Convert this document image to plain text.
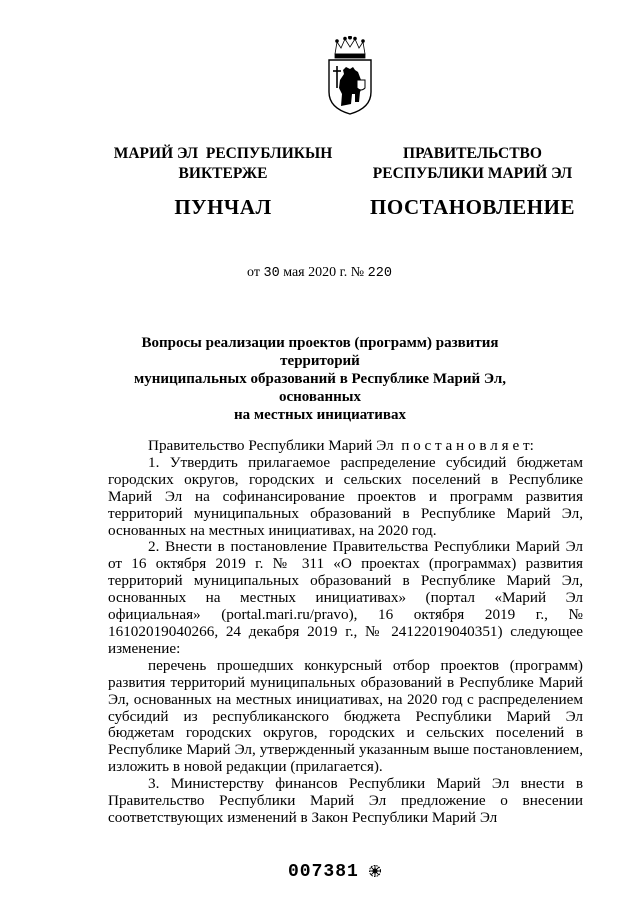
МАРИЙ ЭЛ  РЕСПУБЛИКЫН
ВИКТЕРЖЕ
ПУНЧАЛ
ПРАВИТЕЛЬСТВО
РЕСПУБЛИКИ МАРИЙ ЭЛ
ПОСТАНОВЛЕНИЕ
от 30 мая 2020 г. № 220
Вопросы реализации проектов (программ) развития территорий
муниципальных образований в Республике Марий Эл, основанных
на местных инициативах

Правительство Республики Марий Эл  п о с т а н о в л я е т:

1. Утвердить прилагаемое распределение субсидий бюджетам городских округов, городских и сельских поселений в Республике Марий Эл на софинансирование проектов и программ развития территорий муниципальных образований в Республике Марий Эл, основанных на местных инициативах, на 2020 год.

2. Внести в постановление Правительства Республики Марий Эл от 16 октября 2019 г. № 311 «О проектах (программах) развития территорий муниципальных образований в Республике Марий Эл, основанных на местных инициативах» (портал «Марий Эл официальная» (portal.mari.ru/pravo), 16 октября 2019 г., № 16102019040266, 24 декабря 2019 г., № 24122019040351) следующее изменение:

перечень прошедших конкурсный отбор проектов (программ) развития территорий муниципальных образований в Республике Марий Эл, основанных на местных инициативах, на 2020 год с распределением субсидий из республиканского бюджета Республики Марий Эл бюджетам городских округов, городских и сельских поселений в Республике Марий Эл, утвержденный указанным выше постановлением, изложить в новой редакции (прилагается).

3. Министерству финансов Республики Марий Эл внести в Правительство Республики Марий Эл предложение о внесении соответствующих изменений в Закон Республики Марий Эл

007381
